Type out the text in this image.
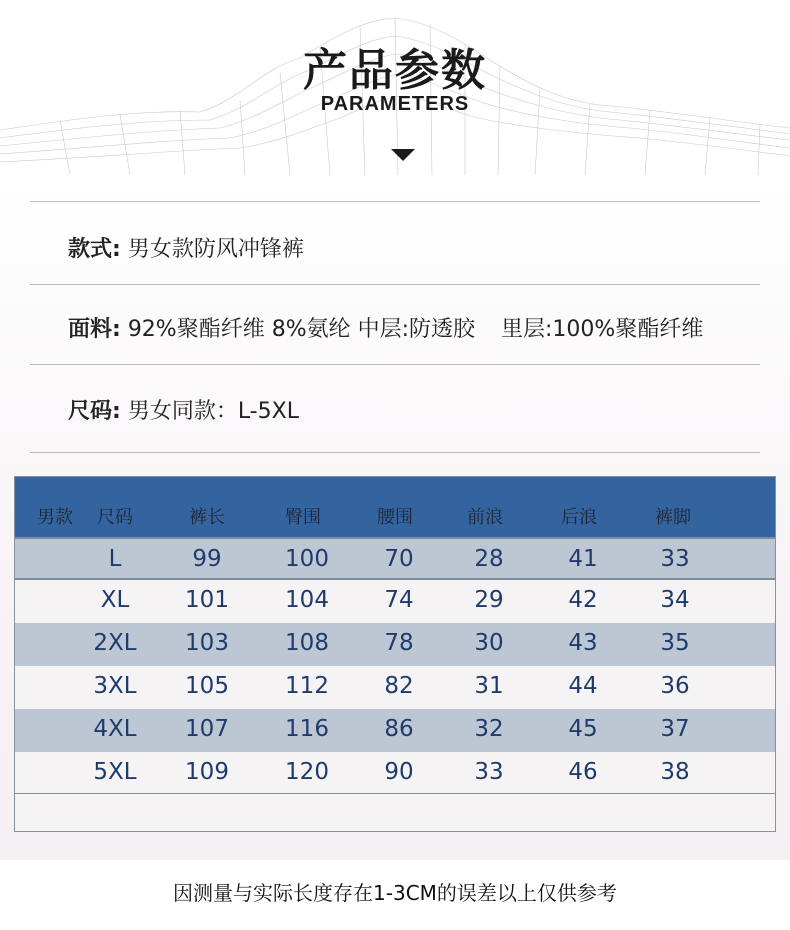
产品参数
PARAMETERS
款式: 男女款防风冲锋裤
面料: 92%聚酯纤维 8%氨纶 中层:防透胶 里层:100%聚酯纤维
尺码: 男女同款：L-5XL
男款 尺码	裤长	臀围	腰围	前浪	后浪	裤脚
L	99	100	70	28	41	33
XL	101	104	74	29	42	34
2XL	103	108	78	30	43	35
3XL	105	112	82	31	44	36
4XL	107	116	86	32	45	37
5XL	109	120	90	33	46	38
因测量与实际长度存在1-3CM的误差以上仅供参考
